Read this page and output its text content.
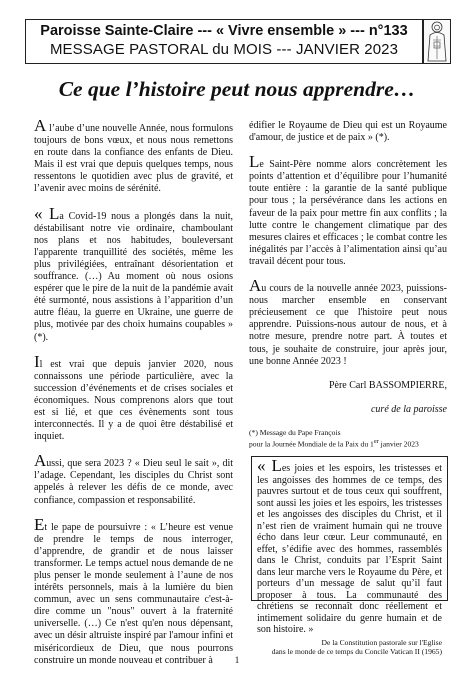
Paroisse Sainte-Claire --- « Vivre ensemble » --- n°133
MESSAGE PASTORAL du MOIS --- JANVIER 2023
Ce que l’histoire peut nous apprendre…

A l’aube d’une nouvelle Année, nous formulons toujours de bons vœux, et nous nous remettons en route dans la confiance des enfants de Dieu. Mais il est vrai que depuis quelques temps, nous ressentons le quotidien avec plus de gravité, et l’avenir avec moins de sérénité.

« La Covid-19 nous a plongés dans la nuit, déstabilisant notre vie ordinaire, chamboulant nos plans et nos habitudes, bouleversant l'apparente tranquillité des sociétés, même les plus privilégiées, entraînant désorientation et souffrance. (…) Au moment où nous osions espérer que le pire de la nuit de la pandémie avait été surmonté, nous assistions à l’apparition d’un autre fléau, la guerre en Ukraine, une guerre de plus, motivée par des choix humains coupables » (*).

Il est vrai que depuis janvier 2020, nous connaissons une période particulière, avec la succession d’événements et de crises sociales et économiques. Nous comprenons alors que tout est si lié, et que ces évènements sont tous interconnectés. Il y a de quoi être déstabilisé et inquiet.

Aussi, que sera 2023 ? « Dieu seul le sait », dit l’adage. Cependant, les disciples du Christ sont appelés à relever les défis de ce monde, avec confiance, compassion et responsabilité.

Et le pape de poursuivre : « L’heure est venue de prendre le temps de nous interroger, d’apprendre, de grandir et de nous laisser transformer. Le temps actuel nous demande de ne plus penser le monde seulement à l’aune de nos intérêts personnels, mais à la lumière du bien commun, avec un sens communautaire c'est-à-dire comme un "nous" ouvert à la fraternité universelle. (…) Ce n'est qu'en nous dépensant, avec un désir altruiste inspiré par l'amour infini et miséricordieux de Dieu, que nous pourrons construire un monde nouveau et contribuer à

édifier le Royaume de Dieu qui est un Royaume d'amour, de justice et de paix » (*).

Le Saint-Père nomme alors concrètement les points d’attention et d’équilibre pour l’humanité toute entière : la garantie de la santé publique pour tous ; la persévérance dans les actions en faveur de la paix pour mettre fin aux conflits ; la lutte contre le changement climatique par des mesures claires et efficaces ; le combat contre les inégalités par l’accès à l’alimentation ainsi qu’au travail décent pour tous.

Au cours de la nouvelle année 2023, puissions-nous marcher ensemble en conservant précieusement ce que l'histoire peut nous apprendre. Puissions-nous autour de nous, et à notre mesure, prendre notre part. À toutes et tous, je souhaite de construire, jour après jour, une bonne Année 2023 !

Père Carl BASSOMPIERRE,

curé de la paroisse

(*) Message du Pape François
pour la Journée Mondiale de la Paix du 1er janvier 2023

« Les joies et les espoirs, les tristesses et les angoisses des hommes de ce temps, des pauvres surtout et de tous ceux qui souffrent, sont aussi les joies et les espoirs, les tristesses et les angoisses des disciples du Christ, et il n’est rien de vraiment humain qui ne trouve écho dans leur cœur. Leur communauté, en effet, s’édifie avec des hommes, rassemblés dans le Christ, conduits par l’Esprit Saint dans leur marche vers le Royaume du Père, et porteurs d’un message de salut qu’il faut proposer à tous. La communauté des chrétiens se reconnaît donc réellement et intimement solidaire du genre humain et de son histoire. »

De la Constitution pastorale sur l'Eglise
dans le monde de ce temps du Concile Vatican II (1965)
1
